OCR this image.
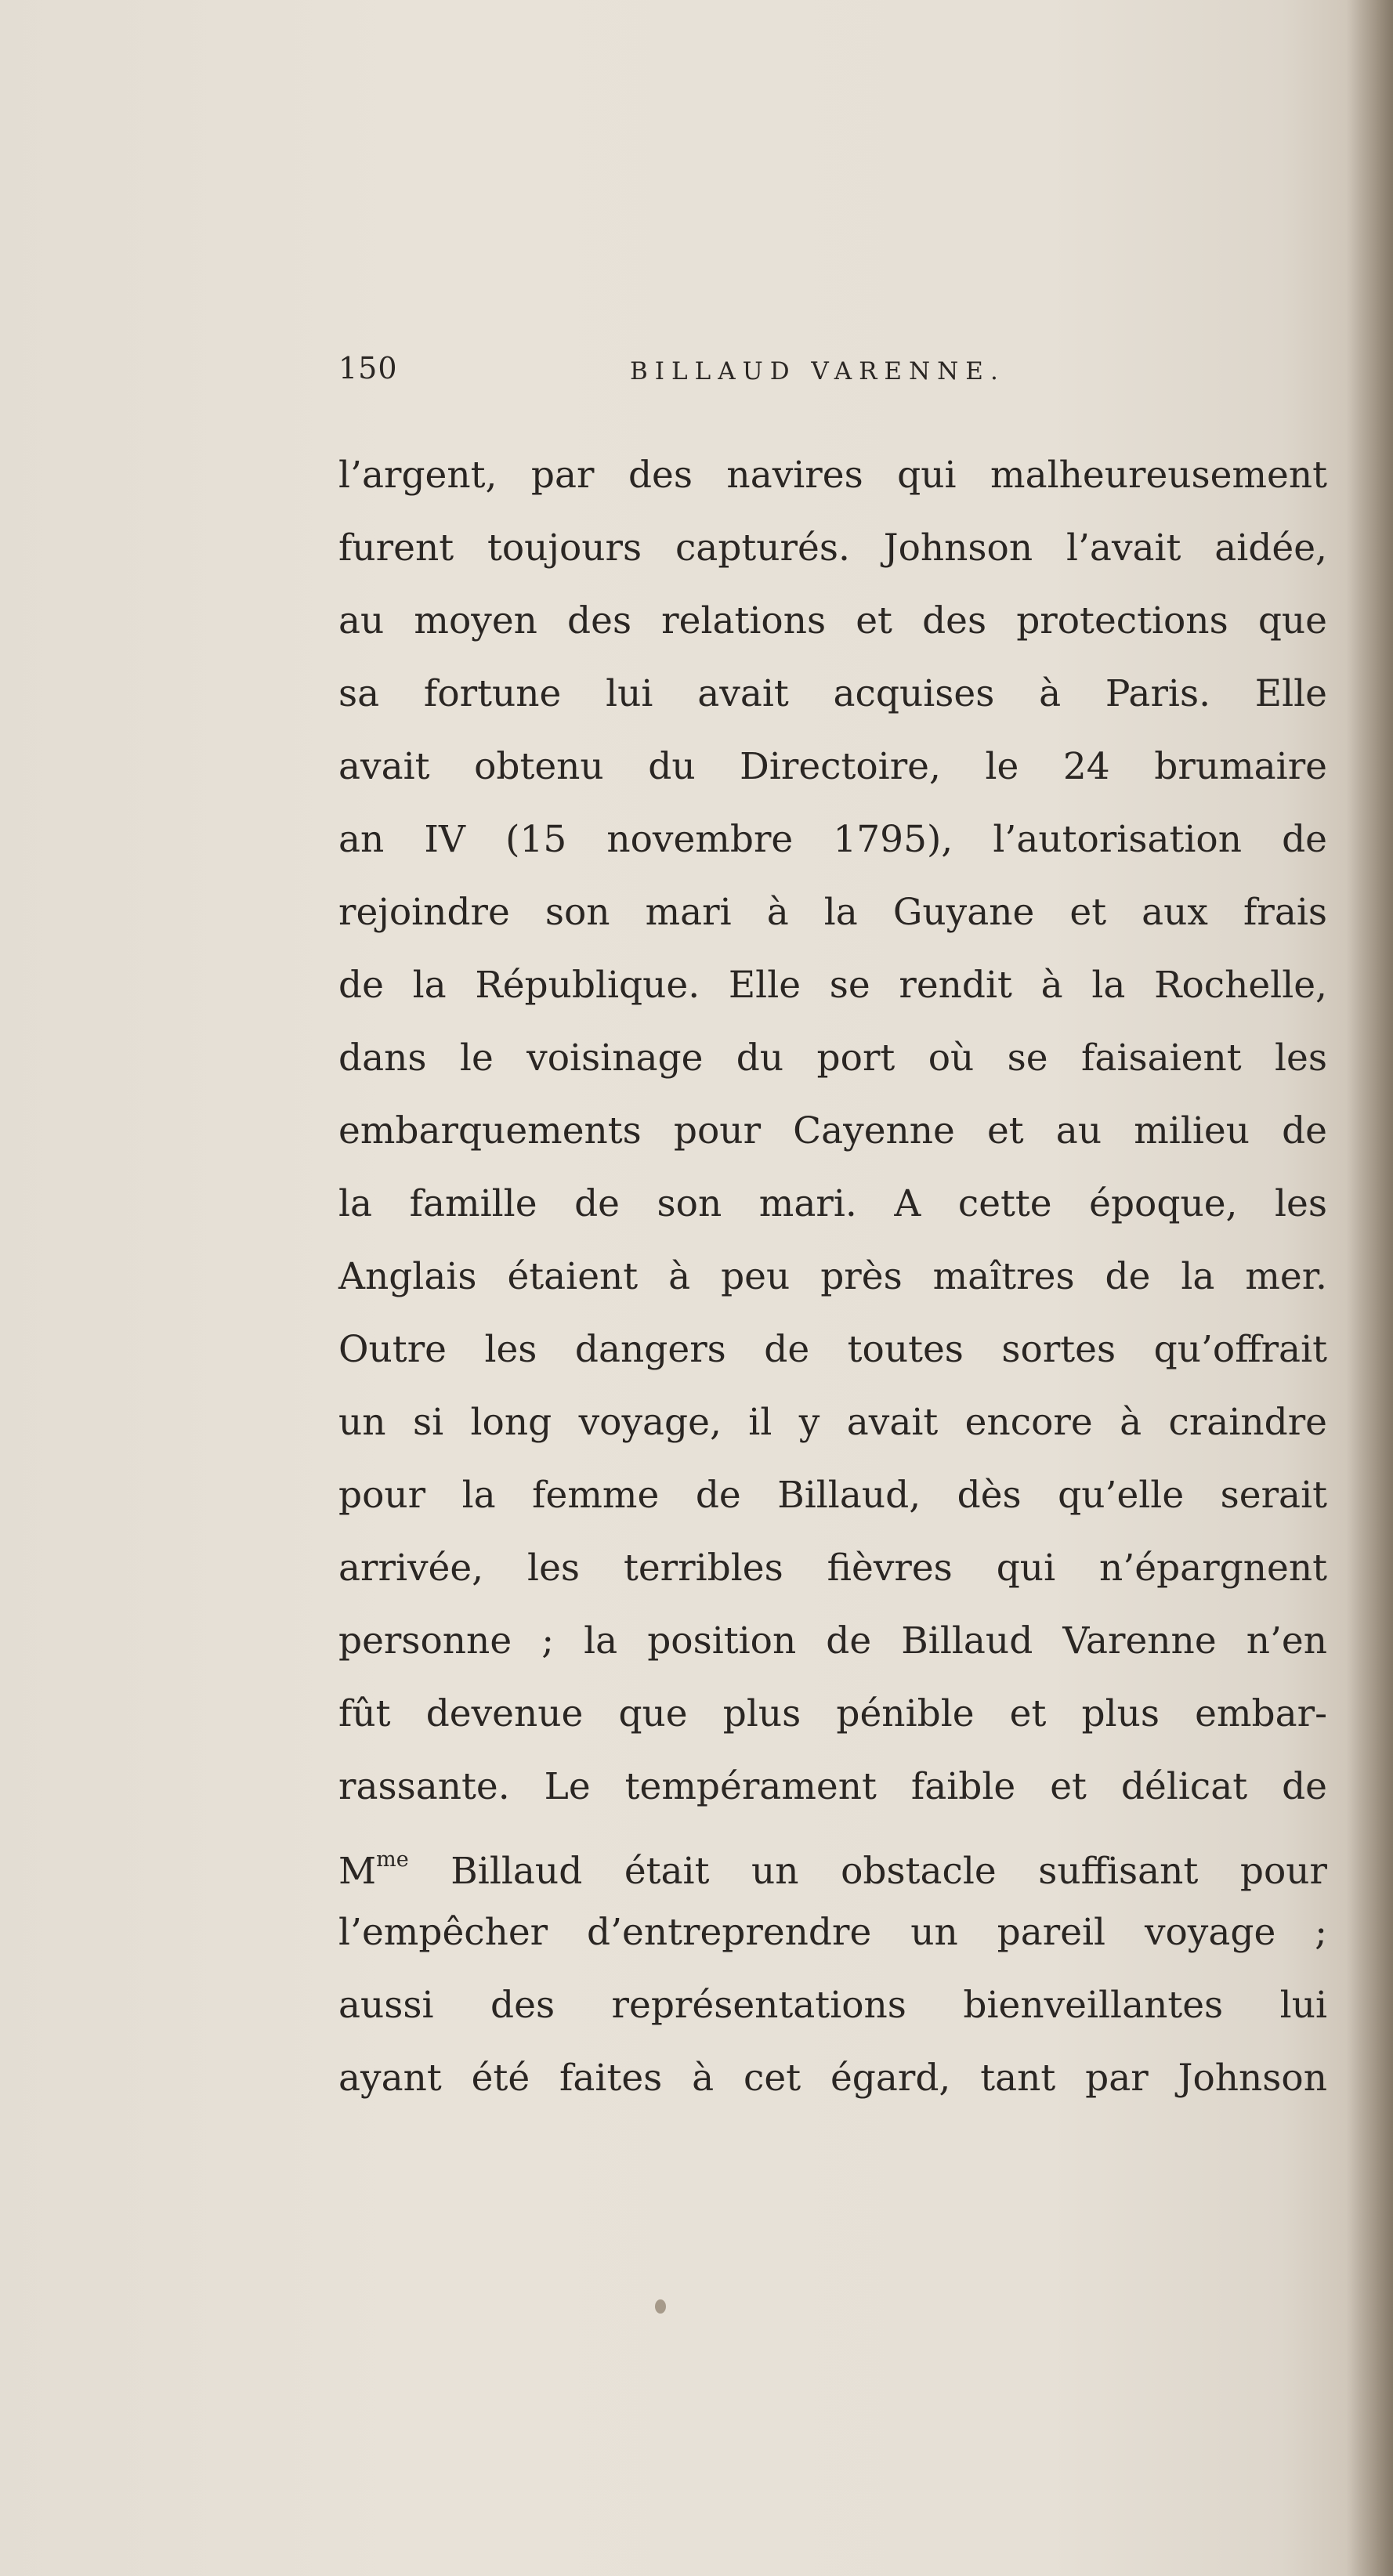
150	BILLAUD VARENNE.
l’argent, par des navires qui malheureusement
furent toujours capturés. Johnson l’avait aidée,
au moyen des relations et des protections que
sa fortune lui avait acquises à Paris. Elle
avait obtenu du Directoire, le 24 brumaire
an IV (15 novembre 1795), l’autorisation de
rejoindre son mari à la Guyane et aux frais
de la République. Elle se rendit à la Rochelle,
dans le voisinage du port où se faisaient les
embarquements pour Cayenne et au milieu de
la famille de son mari. A cette époque, les
Anglais étaient à peu près maîtres de la mer.
Outre les dangers de toutes sortes qu’offrait
un si long voyage, il y avait encore à craindre
pour la femme de Billaud, dès qu’elle serait
arrivée, les terribles fièvres qui n’épargnent
personne ; la position de Billaud Varenne n’en
fût devenue que plus pénible et plus embar-
rassante. Le tempérament faible et délicat de
$M^{me}$ Billaud était un obstacle suffisant pour
l’empêcher d’entreprendre un pareil voyage ;
aussi des représentations bienveillantes lui
ayant été faites à cet égard, tant par Johnson
